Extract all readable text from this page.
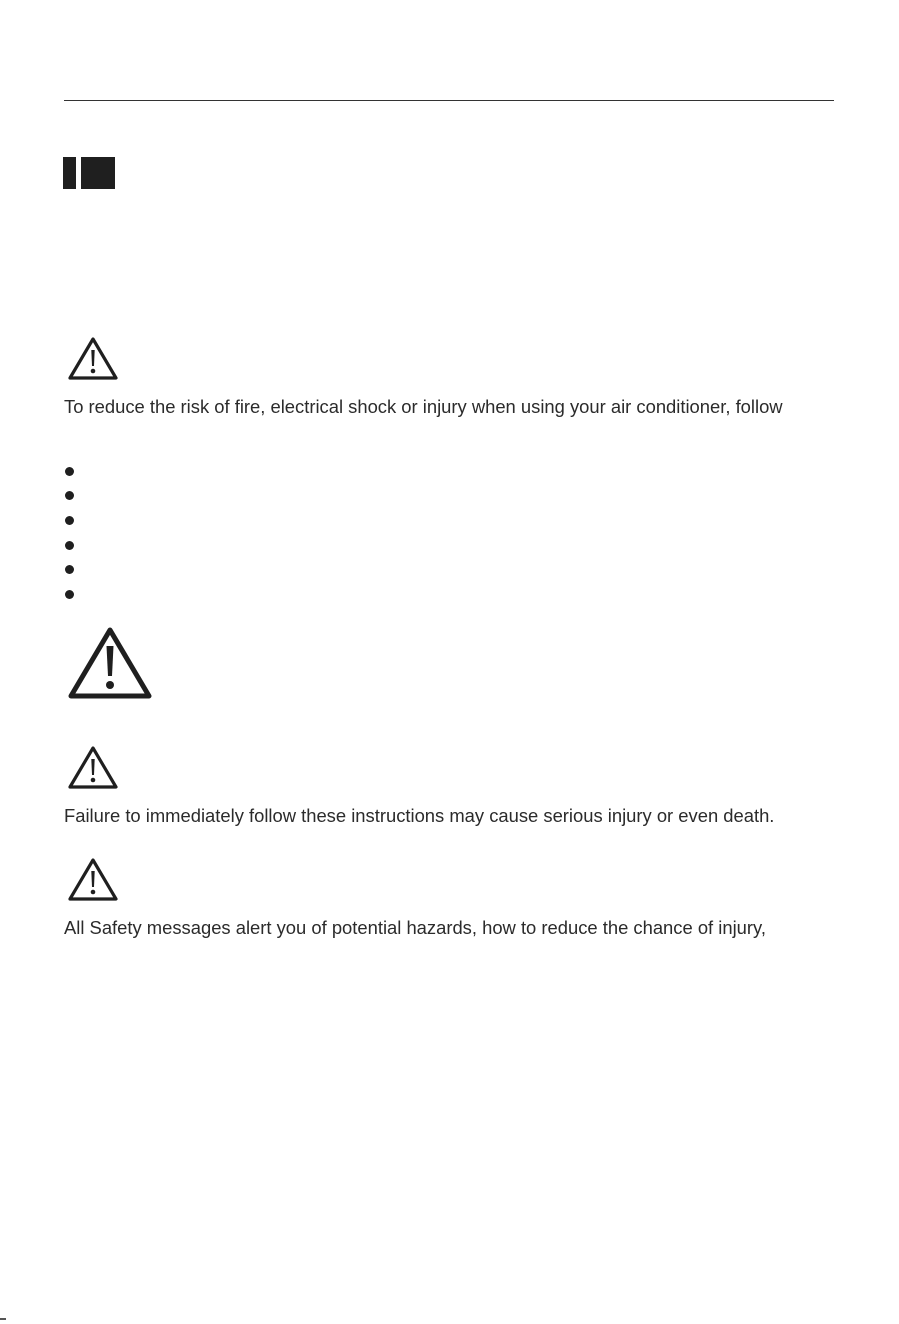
To reduce the risk of fire, electrical shock or injury when using your air conditioner, follow
Failure to immediately follow these instructions may cause serious injury or even death.
All Safety messages alert you of potential hazards, how to reduce the chance of injury,
